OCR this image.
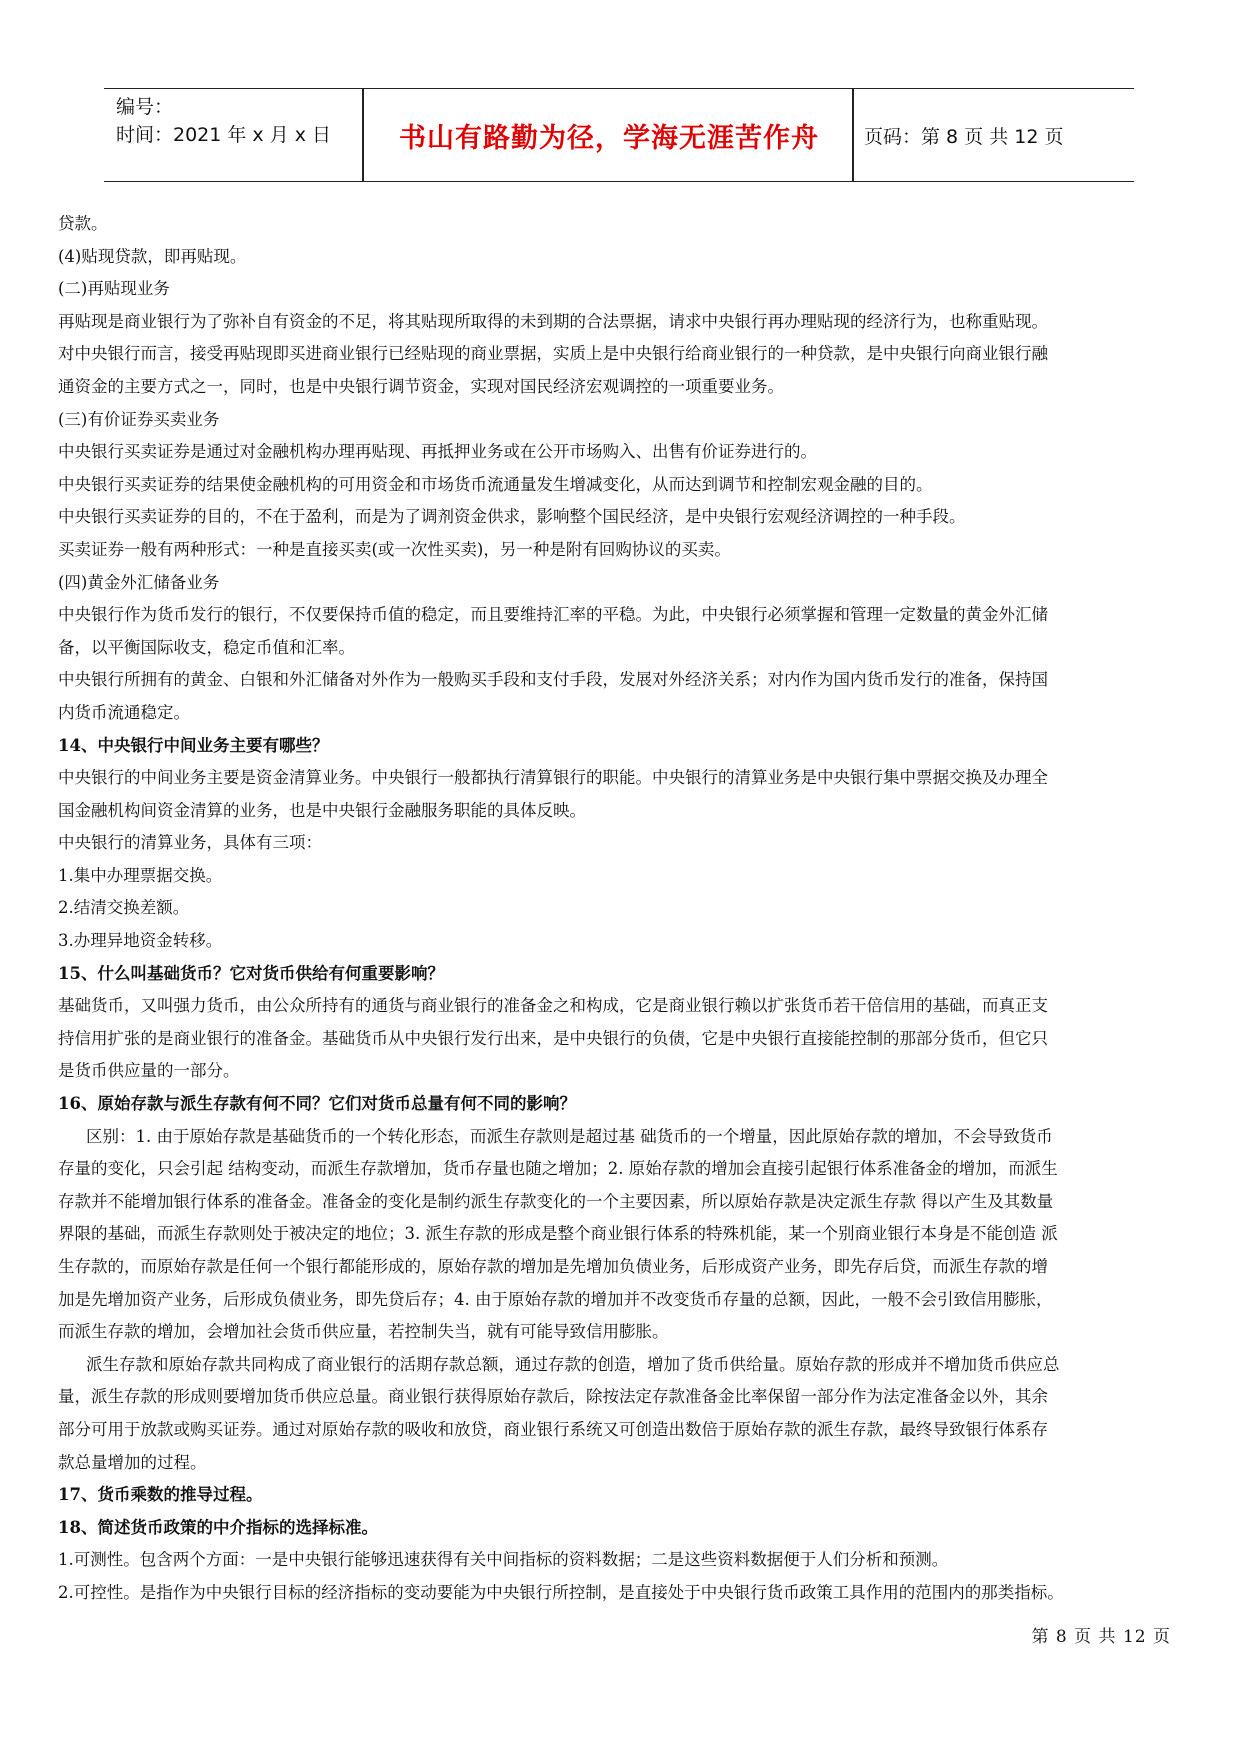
编号：
时间：2021 年 x 月 x 日	书山有路勤为径，学海无涯苦作舟	页码：第 8 页 共 12 页
贷款。
(4)贴现贷款，即再贴现。
(二)再贴现业务
再贴现是商业银行为了弥补自有资金的不足，将其贴现所取得的未到期的合法票据，请求中央银行再办理贴现的经济行为，也称重贴现。
对中央银行而言，接受再贴现即买进商业银行已经贴现的商业票据，实质上是中央银行给商业银行的一种贷款，是中央银行向商业银行融
通资金的主要方式之一，同时，也是中央银行调节资金，实现对国民经济宏观调控的一项重要业务。
(三)有价证券买卖业务
中央银行买卖证券是通过对金融机构办理再贴现、再抵押业务或在公开市场购入、出售有价证券进行的。
中央银行买卖证券的结果使金融机构的可用资金和市场货币流通量发生增减变化，从而达到调节和控制宏观金融的目的。
中央银行买卖证券的目的，不在于盈利，而是为了调剂资金供求，影响整个国民经济，是中央银行宏观经济调控的一种手段。
买卖证券一般有两种形式：一种是直接买卖(或一次性买卖)，另一种是附有回购协议的买卖。
(四)黄金外汇储备业务
中央银行作为货币发行的银行，不仅要保持币值的稳定，而且要维持汇率的平稳。为此，中央银行必须掌握和管理一定数量的黄金外汇储
备，以平衡国际收支，稳定币值和汇率。
中央银行所拥有的黄金、白银和外汇储备对外作为一般购买手段和支付手段，发展对外经济关系；对内作为国内货币发行的准备，保持国
内货币流通稳定。
14、中央银行中间业务主要有哪些？
中央银行的中间业务主要是资金清算业务。中央银行一般都执行清算银行的职能。中央银行的清算业务是中央银行集中票据交换及办理全
国金融机构间资金清算的业务，也是中央银行金融服务职能的具体反映。
中央银行的清算业务，具体有三项：
1.集中办理票据交换。
2.结清交换差额。
3.办理异地资金转移。
15、什么叫基础货币？它对货币供给有何重要影响？
基础货币，又叫强力货币，由公众所持有的通货与商业银行的准备金之和构成，它是商业银行赖以扩张货币若干倍信用的基础，而真正支
持信用扩张的是商业银行的准备金。基础货币从中央银行发行出来，是中央银行的负债，它是中央银行直接能控制的那部分货币，但它只
是货币供应量的一部分。
16、原始存款与派生存款有何不同？它们对货币总量有何不同的影响？
区别：1. 由于原始存款是基础货币的一个转化形态，而派生存款则是超过基 础货币的一个增量，因此原始存款的增加，不会导致货币
存量的变化，只会引起 结构变动，而派生存款增加，货币存量也随之增加；2. 原始存款的增加会直接引起银行体系准备金的增加，而派生
存款并不能增加银行体系的准备金。准备金的变化是制约派生存款变化的一个主要因素，所以原始存款是决定派生存款 得以产生及其数量
界限的基础，而派生存款则处于被决定的地位；3. 派生存款的形成是整个商业银行体系的特殊机能，某一个别商业银行本身是不能创造 派
生存款的，而原始存款是任何一个银行都能形成的，原始存款的增加是先增加负债业务，后形成资产业务，即先存后贷，而派生存款的增
加是先增加资产业务，后形成负债业务，即先贷后存；4. 由于原始存款的增加并不改变货币存量的总额，因此，一般不会引致信用膨胀，
而派生存款的增加，会增加社会货币供应量，若控制失当，就有可能导致信用膨胀。
派生存款和原始存款共同构成了商业银行的活期存款总额，通过存款的创造，增加了货币供给量。原始存款的形成并不增加货币供应总
量，派生存款的形成则要增加货币供应总量。商业银行获得原始存款后，除按法定存款准备金比率保留一部分作为法定准备金以外，其余
部分可用于放款或购买证券。通过对原始存款的吸收和放贷，商业银行系统又可创造出数倍于原始存款的派生存款，最终导致银行体系存
款总量增加的过程。
17、货币乘数的推导过程。
18、简述货币政策的中介指标的选择标准。
1.可测性。包含两个方面：一是中央银行能够迅速获得有关中间指标的资料数据；二是这些资料数据便于人们分析和预测。
2.可控性。是指作为中央银行目标的经济指标的变动要能为中央银行所控制，是直接处于中央银行货币政策工具作用的范围内的那类指标。
第 8 页 共 12 页
